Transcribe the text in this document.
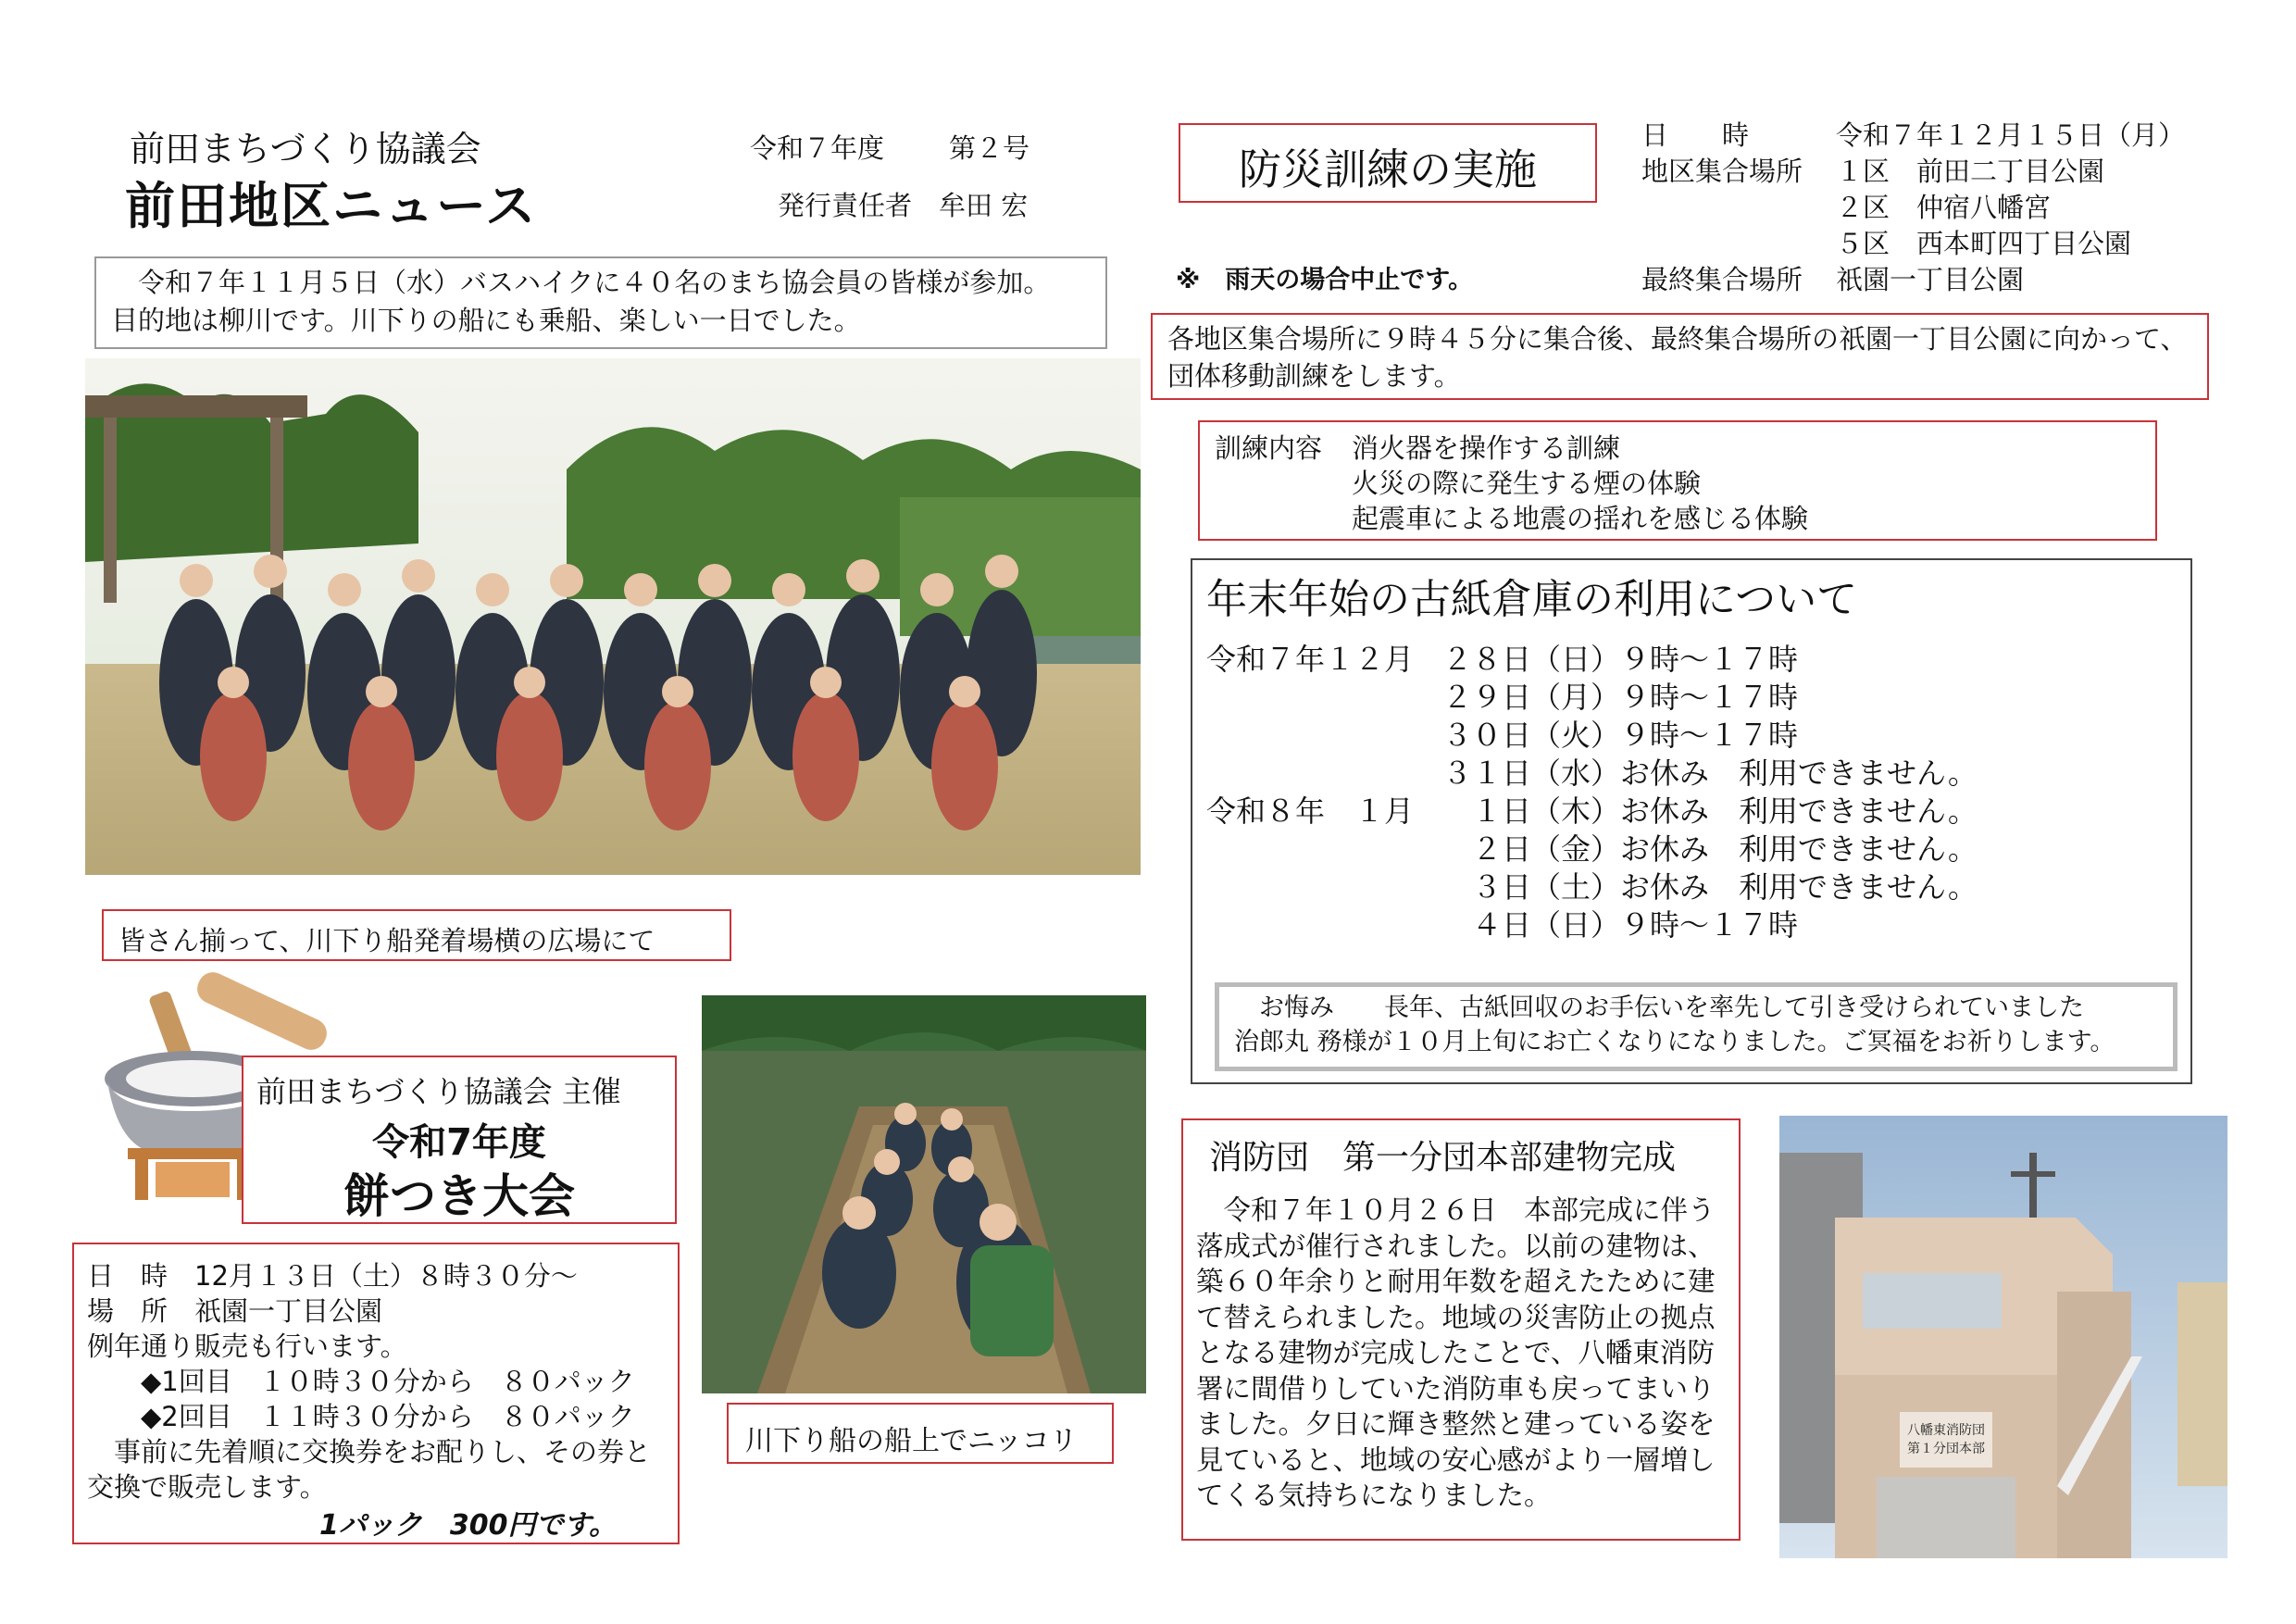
前田まちづくり協議会
前田地区ニュース
令和７年度 第２号
発行責任者　牟田 宏
　令和７年１１月５日（水）バスハイクに４０名のまち協会員の皆様が参加。
目的地は柳川です。川下りの船にも乗船、楽しい一日でした。
皆さん揃って、川下り船発着場横の広場にて
前田まちづくり協議会 主催
令和7年度
餅つき大会
日　時　12月１３日（土）８時３０分～
場　所　祇園一丁目公園
例年通り販売も行います。
　　◆1回目　１０時３０分から　８０パック
　　◆2回目　１１時３０分から　８０パック
　事前に先着順に交換券をお配りし、その券と
交換で販売します。
1パック　300円です。
川下り船の船上でニッコリ
防災訓練の実施
※　雨天の場合中止です。
日　　時	令和７年１２月１５日（月）
地区集合場所 １区　前田二丁目公園
２区　仲宿八幡宮
５区　西本町四丁目公園
最終集合場所 祇園一丁目公園
各地区集合場所に９時４５分に集合後、最終集合場所の祇園一丁目公園に向かって、
団体移動訓練をします。
訓練内容 消火器を操作する訓練
火災の際に発生する煙の体験
起震車による地震の揺れを感じる体験
年末年始の古紙倉庫の利用について
令和７年１２月 ２８日（日）９時～１７時
２９日（月）９時～１７時
３０日（火）９時～１７時
３１日（水）お休み　利用できません。
令和８年　１月 　１日（木）お休み　利用できません。
　２日（金）お休み　利用できません。
　３日（土）お休み　利用できません。
　４日（日）９時～１７時
　お悔み　　長年、古紙回収のお手伝いを率先して引き受けられていました
治郎丸 務様が１０月上旬にお亡くなりになりました。ご冥福をお祈りします。
消防団　第一分団本部建物完成
　令和７年１０月２６日　本部完成に伴う
落成式が催行されました。以前の建物は、
築６０年余りと耐用年数を超えたために建
て替えられました。地域の災害防止の拠点
となる建物が完成したことで、八幡東消防
署に間借りしていた消防車も戻ってまいり
ました。夕日に輝き整然と建っている姿を
見ていると、地域の安心感がより一層増し
てくる気持ちになりました。
八幡東消防団
第１分団本部
